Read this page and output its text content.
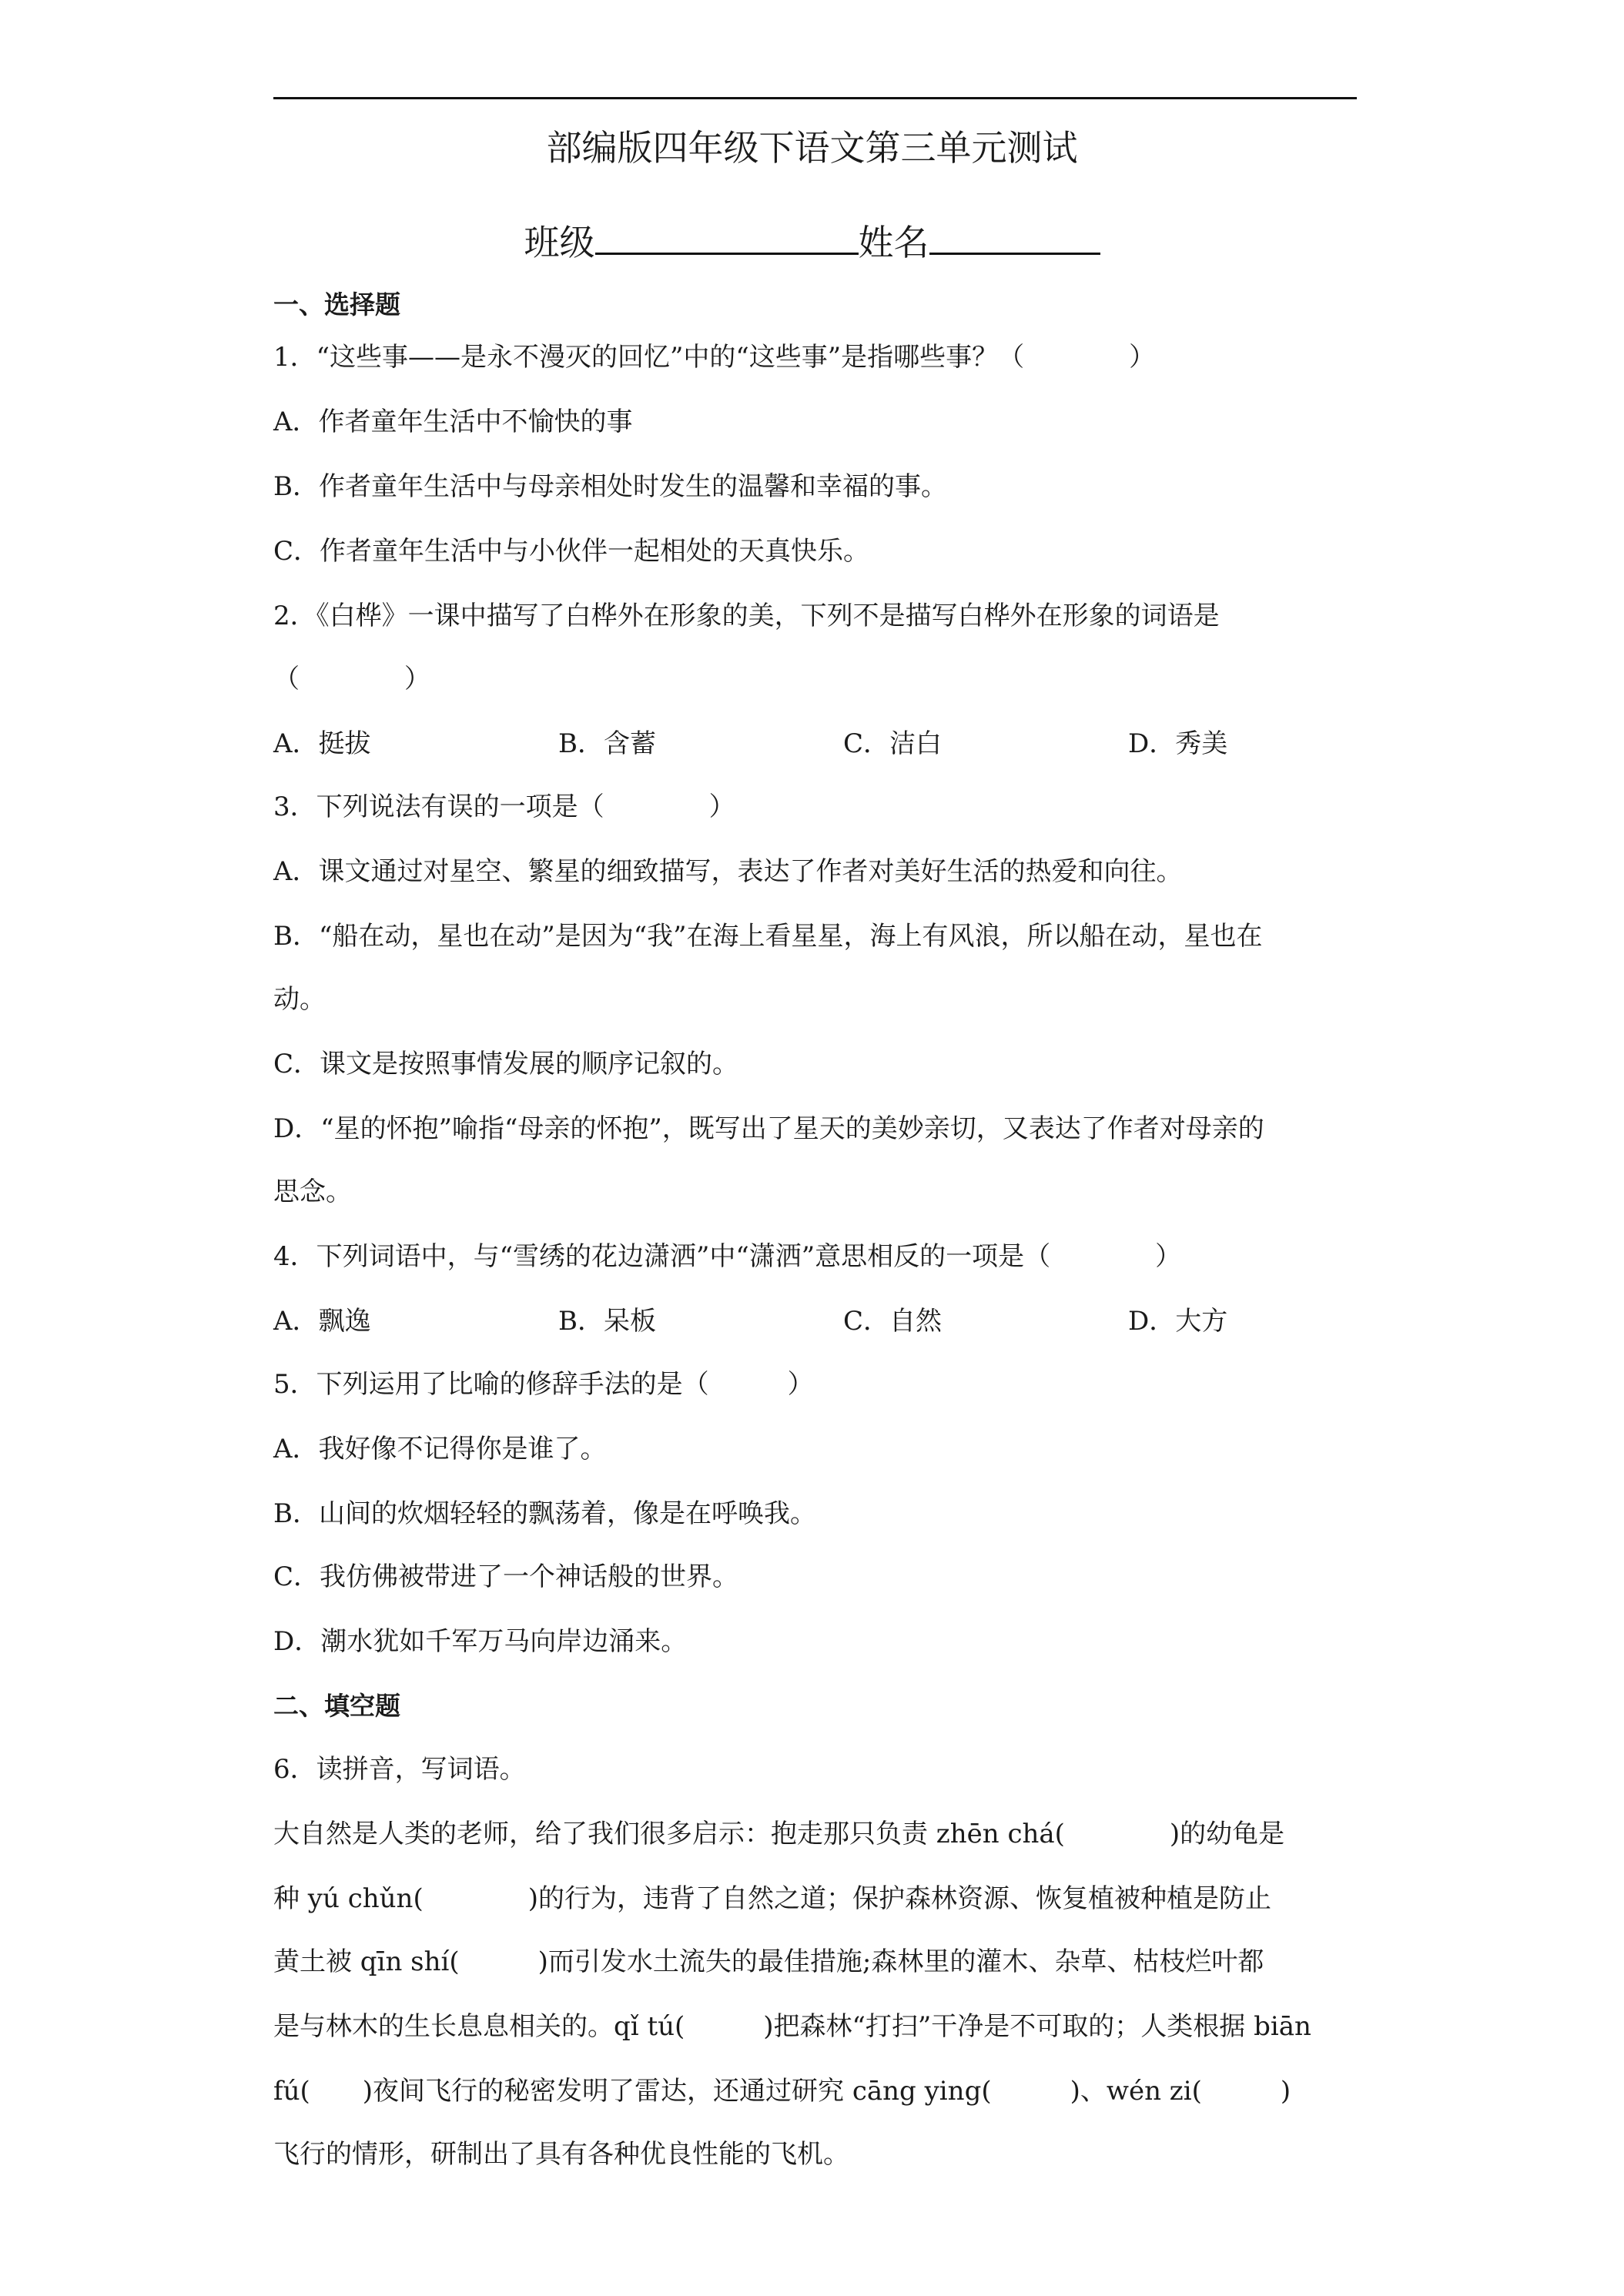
部编版四年级下语文第三单元测试
班级	姓名
一、选择题
1．“这些事——是永不漫灭的回忆”中的“这些事”是指哪些事？（　　　　）
A．作者童年生活中不愉快的事
B．作者童年生活中与母亲相处时发生的温馨和幸福的事。
C．作者童年生活中与小伙伴一起相处的天真快乐。
2．《白桦》一课中描写了白桦外在形象的美，下列不是描写白桦外在形象的词语是
（　　　　）
A．挺拔	B．含蓄	C．洁白	D．秀美
3．下列说法有误的一项是（　　　　）
A．课文通过对星空、繁星的细致描写，表达了作者对美好生活的热爱和向往。
B．“船在动，星也在动”是因为“我”在海上看星星，海上有风浪，所以船在动，星也在
动。
C．课文是按照事情发展的顺序记叙的。
D．“星的怀抱”喻指“母亲的怀抱”，既写出了星天的美妙亲切，又表达了作者对母亲的
思念。
4．下列词语中，与“雪绣的花边潇洒”中“潇洒”意思相反的一项是（　　　　）
A．飘逸	B．呆板	C．自然	D．大方
5．下列运用了比喻的修辞手法的是（　　　）
A．我好像不记得你是谁了。
B．山间的炊烟轻轻的飘荡着，像是在呼唤我。
C．我仿佛被带进了一个神话般的世界。
D．潮水犹如千军万马向岸边涌来。
二、填空题
6．读拼音，写词语。
大自然是人类的老师，给了我们很多启示：抱走那只负责 zhēn chá(　　　　)的幼龟是
种 yú chǔn(　　　　)的行为，违背了自然之道；保护森林资源、恢复植被种植是防止
黄土被 qīn shí(　　　)而引发水土流失的最佳措施;森林里的灌木、杂草、枯枝烂叶都
是与林木的生长息息相关的。qǐ tú(　　　)把森林“打扫”干净是不可取的；人类根据 biān
fú(　　)夜间飞行的秘密发明了雷达，还通过研究 cāng ying(　　　)、wén zi(　　　)
飞行的情形，研制出了具有各种优良性能的飞机。
